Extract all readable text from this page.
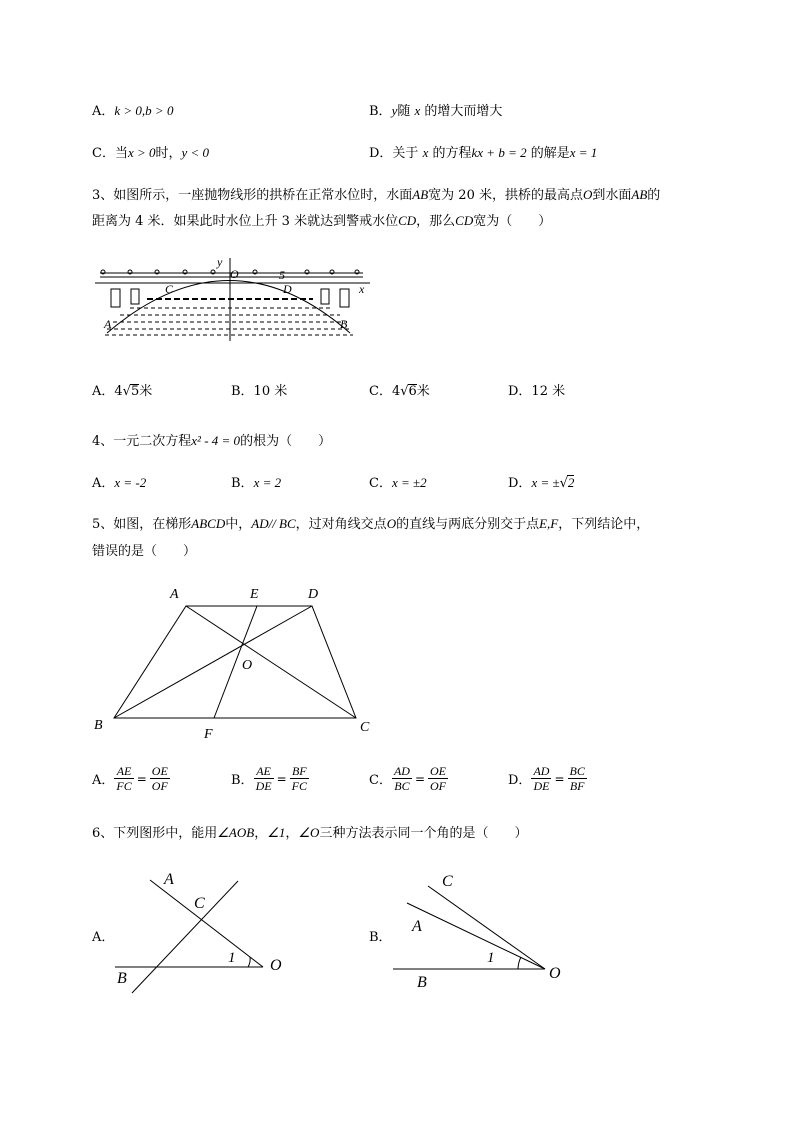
A．k > 0,b > 0	B．y随 x 的增大而增大
C．当x > 0时，y < 0	D．关于 x 的方程kx + b = 2 的解是x = 1
3、如图所示，一座抛物线形的拱桥在正常水位时，水面AB宽为 20 米，拱桥的最高点O到水面AB的
距离为 4 米．如果此时水位上升 3 米就达到警戒水位CD，那么CD宽为（　　）
y
O	5
x
C	D
A	B
A．4√5米	B．10 米	C．4√6米	D．12 米
4、一元二次方程x² - 4 = 0的根为（　　）
A．x = -2	B．x = 2	C．x = ±2	D．x = ±√2
5、如图，在梯形ABCD中，AD// BC，过对角线交点O的直线与两底分别交于点E,F，下列结论中，
错误的是（　　）
A	E	D
O
B
F	C
A． $\frac{AE}{FC} = \frac{OE}{OF}$	B． $\frac{AE}{DE} = \frac{BF}{FC}$	C． $\frac{AD}{BC} = \frac{OE}{OF}$	D． $\frac{AD}{DE} = \frac{BC}{BF}$
6、下列图形中，能用∠AOB，∠1，∠O三种方法表示同一个角的是（　　）
A．
A
C
B
1 O
B．
C
A
B
1
O
